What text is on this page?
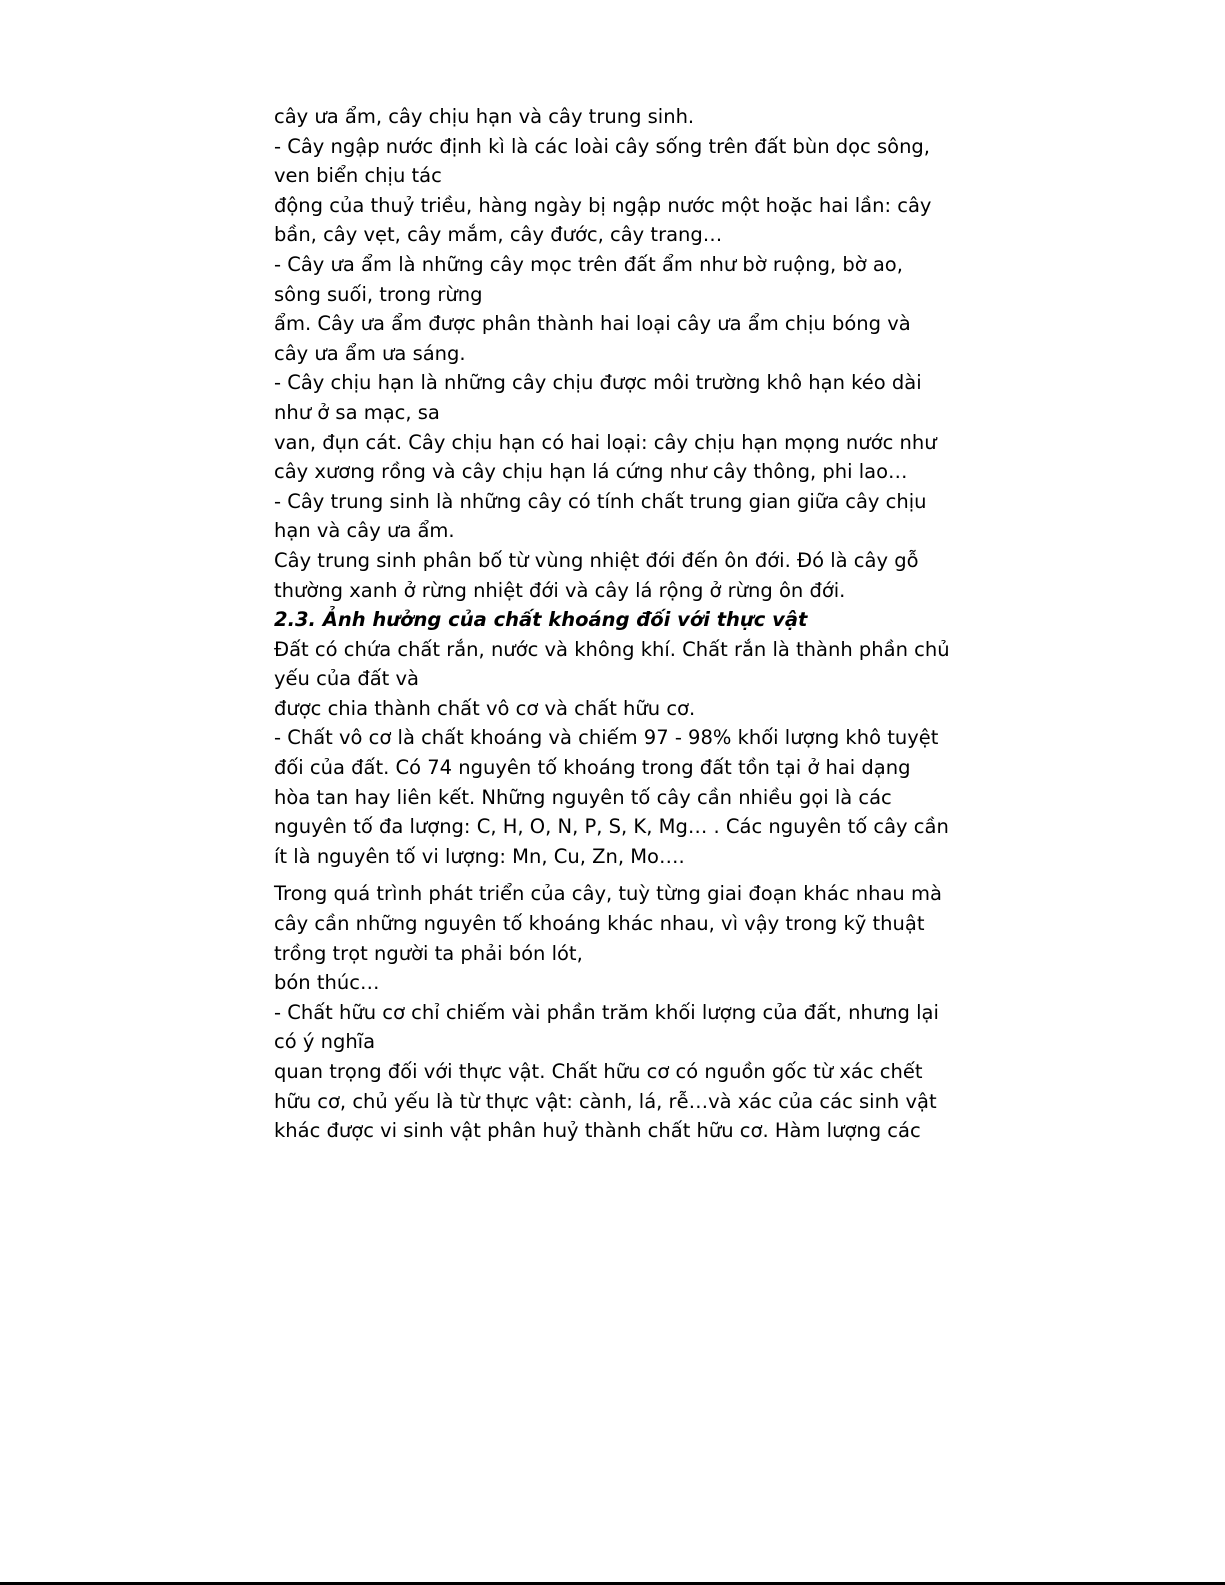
cây ưa ẩm, cây chịu hạn và cây trung sinh.
- Cây ngập nước định kì là các loài cây sống trên đất bùn dọc sông,
ven biển chịu tác
động của thuỷ triều, hàng ngày bị ngập nước một hoặc hai lần: cây
bần, cây vẹt, cây mắm, cây đước, cây trang…
- Cây ưa ẩm là những cây mọc trên đất ẩm như bờ ruộng, bờ ao,
sông suối, trong rừng
ẩm. Cây ưa ẩm được phân thành hai loại cây ưa ẩm chịu bóng và
cây ưa ẩm ưa sáng.
- Cây chịu hạn là những cây chịu được môi trường khô hạn kéo dài
như ở sa mạc, sa
van, đụn cát. Cây chịu hạn có hai loại: cây chịu hạn mọng nước như
cây xương rồng và cây chịu hạn lá cứng như cây thông, phi lao…
- Cây trung sinh là những cây có tính chất trung gian giữa cây chịu
hạn và cây ưa ẩm.
Cây trung sinh phân bố từ vùng nhiệt đới đến ôn đới. Đó là cây gỗ
thường xanh ở rừng nhiệt đới và cây lá rộng ở rừng ôn đới.
2.3. Ảnh hưởng của chất khoáng đối với thực vật
Đất có chứa chất rắn, nước và không khí. Chất rắn là thành phần chủ
yếu của đất và
được chia thành chất vô cơ và chất hữu cơ.
- Chất vô cơ là chất khoáng và chiếm 97 - 98% khối lượng khô tuyệt
đối của đất. Có 74 nguyên tố khoáng trong đất tồn tại ở hai dạng
hòa tan hay liên kết. Những nguyên tố cây cần nhiều gọi là các
nguyên tố đa lượng: C, H, O, N, P, S, K, Mg… . Các nguyên tố cây cần
ít là nguyên tố vi lượng: Mn, Cu, Zn, Mo….
Trong quá trình phát triển của cây, tuỳ từng giai đoạn khác nhau mà
cây cần những nguyên tố khoáng khác nhau, vì vậy trong kỹ thuật
trồng trọt người ta phải bón lót,
bón thúc…
- Chất hữu cơ chỉ chiếm vài phần trăm khối lượng của đất, nhưng lại
có ý nghĩa
quan trọng đối với thực vật. Chất hữu cơ có nguồn gốc từ xác chết
hữu cơ, chủ yếu là từ thực vật: cành, lá, rễ…và xác của các sinh vật
khác được vi sinh vật phân huỷ thành chất hữu cơ. Hàm lượng các
